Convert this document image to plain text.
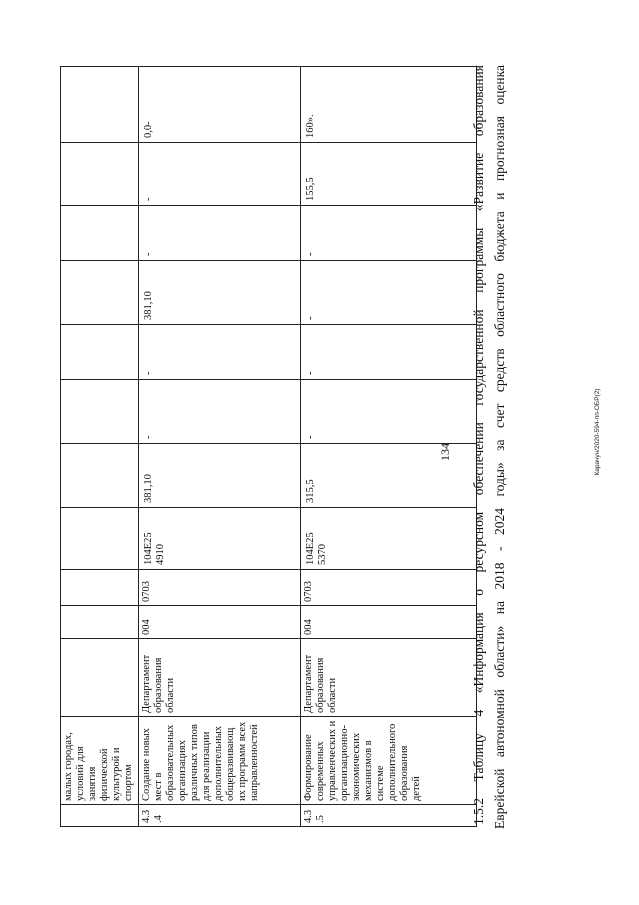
134
	малых городах, условий для занятия физической культурой и спортом											
4.3.4	Создание новых мест в образовательных организациях различных типов для реализации дополнительных общеразвивающ их программ всех направленностей	Департамент образования области	004	0703	104E25 4910	381,10	-	-	381,10	-	-	0,0-
4.3.5	Формирование современных управленческих и организационно-экономических механизмов в системе дополнительного образования детей	Департамент образования области	004	0703	104E25 5370	315,5	-	-	-	-	155,5	160».	1.5.2 Таблицу 4 «Информация о ресурсном обеспечении государственной программы «Развитие образования Еврейской автономной области» на 2018 - 2024 годы» за счет средств областного бюджета и прогнозная оценка	Карачун/2020-594-пп-ОБР(2)
